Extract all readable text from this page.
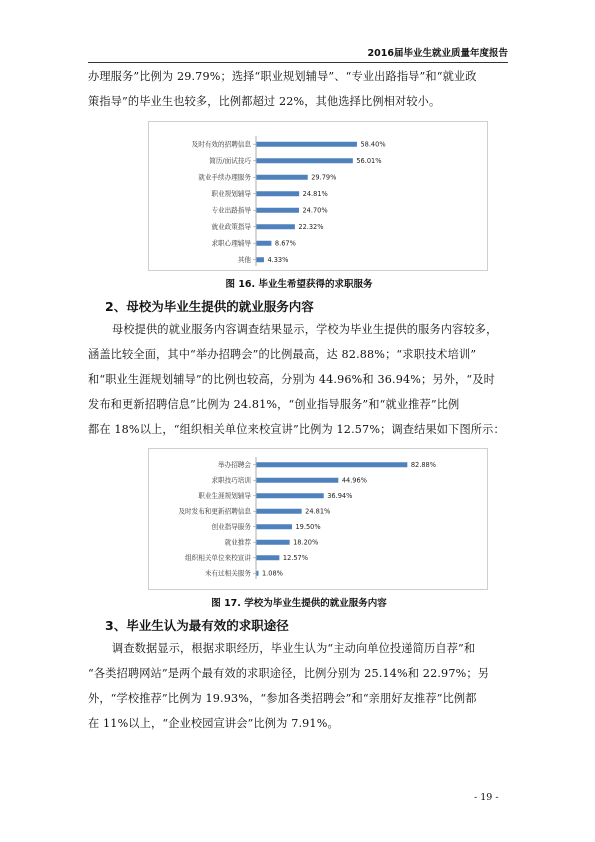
2016届毕业生就业质量年度报告
办理服务”比例为 29.79%；选择“职业规划辅导”、“专业出路指导”和“就业政
策指导”的毕业生也较多，比例都超过 22%，其他选择比例相对较小。
及时有效的招聘信息	58.40%
简历/面试技巧	56.01%
就业手续办理服务	29.79%
职业规划辅导	24.81%
专业出路指导	24.70%
就业政策指导	22.32%
求职心理辅导	8.67%
其他 4.33%
图 16. 毕业生希望获得的求职服务
2、母校为毕业生提供的就业服务内容
母校提供的就业服务内容调查结果显示，学校为毕业生提供的服务内容较多，
涵盖比较全面，其中“举办招聘会”的比例最高，达 82.88%；“求职技术培训”
和“职业生涯规划辅导”的比例也较高，分别为 44.96%和 36.94%；另外，“及时
发布和更新招聘信息”比例为 24.81%，“创业指导服务”和“就业推荐”比例
都在 18%以上，“组织相关单位来校宣讲”比例为 12.57%；调查结果如下图所示：
举办招聘会	82.88%
求职技巧培训	44.96%
职业生涯规划辅导	36.94%
及时发布和更新招聘信息	24.81%
创业指导服务	19.50%
就业推荐	18.20%
组织相关单位来校宣讲	12.57%
未有过相关服务 1.08%
图 17. 学校为毕业生提供的就业服务内容
3、毕业生认为最有效的求职途径
调查数据显示，根据求职经历，毕业生认为“主动向单位投递简历自荐”和
“各类招聘网站”是两个最有效的求职途径，比例分别为 25.14%和 22.97%；另
外，“学校推荐”比例为 19.93%，“参加各类招聘会”和“亲朋好友推荐”比例都
在 11%以上，“企业校园宣讲会”比例为 7.91%。
- 19 -
